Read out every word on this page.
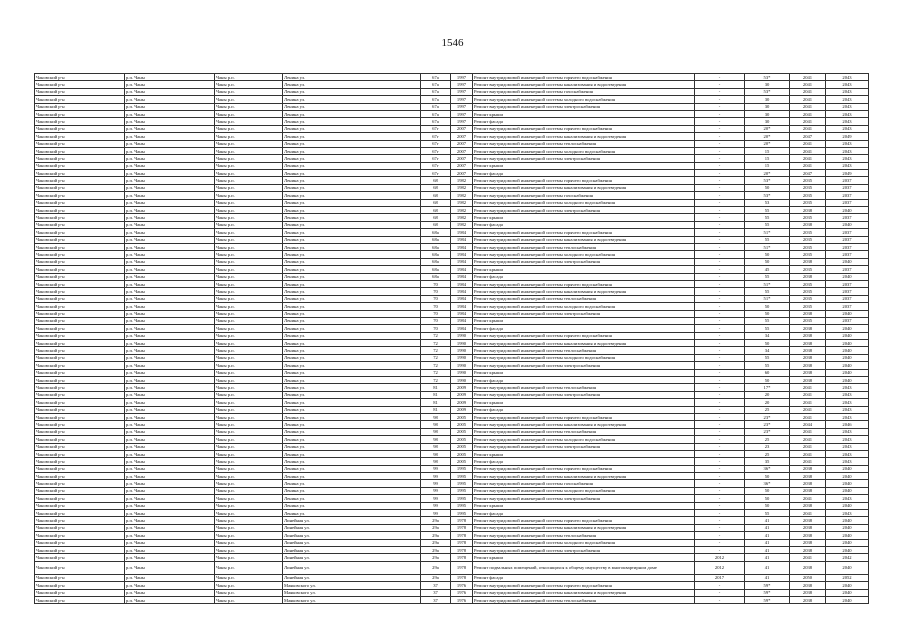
1546
Чановский р-н	р.п. Чаны	Чаны р.п.	Ленина ул.	67а	1997	Ремонт внутридомовой инженерной системы горячего водоснабжения	-	53*	2041	2043
Чановский р-н	р.п. Чаны	Чаны р.п.	Ленина ул.	67а	1997	Ремонт внутридомовой инженерной системы канализования и водоотведения	-	30	2041	2043
Чановский р-н	р.п. Чаны	Чаны р.п.	Ленина ул.	67а	1997	Ремонт внутридомовой инженерной системы газоснабжения	-	53*	2041	2043
Чановский р-н	р.п. Чаны	Чаны р.п.	Ленина ул.	67а	1997	Ремонт внутридомовой инженерной системы холодного водоснабжения	-	30	2041	2043
Чановский р-н	р.п. Чаны	Чаны р.п.	Ленина ул.	67а	1997	Ремонт внутридомовой инженерной системы электроснабжения	-	30	2041	2043
Чановский р-н	р.п. Чаны	Чаны р.п.	Ленина ул.	67а	1997	Ремонт крыши	-	30	2041	2043
Чановский р-н	р.п. Чаны	Чаны р.п.	Ленина ул.	67а	1997	Ремонт фасада	-	30	2041	2043
Чановский р-н	р.п. Чаны	Чаны р.п.	Ленина ул.	67г	2007	Ремонт внутридомовой инженерной системы горячего водоснабжения	-	20*	2041	2043
Чановский р-н	р.п. Чаны	Чаны р.п.	Ленина ул.	67г	2007	Ремонт внутридомовой инженерной системы канализования и водоотведения	-	20*	2047	2049
Чановский р-н	р.п. Чаны	Чаны р.п.	Ленина ул.	67г	2007	Ремонт внутридомовой инженерной системы теплоснабжения	-	20*	2041	2043
Чановский р-н	р.п. Чаны	Чаны р.п.	Ленина ул.	67г	2007	Ремонт внутридомовой инженерной системы холодного водоснабжения	-	15	2041	2043
Чановский р-н	р.п. Чаны	Чаны р.п.	Ленина ул.	67г	2007	Ремонт внутридомовой инженерной системы электроснабжения	-	15	2041	2043
Чановский р-н	р.п. Чаны	Чаны р.п.	Ленина ул.	67г	2007	Ремонт крыши	-	15	2041	2043
Чановский р-н	р.п. Чаны	Чаны р.п.	Ленина ул.	67г	2007	Ремонт фасада	-	20*	2047	2049
Чановский р-н	р.п. Чаны	Чаны р.п.	Ленина ул.	68	1982	Ремонт внутридомовой инженерной системы горячего водоснабжения	-	53*	2035	2037
Чановский р-н	р.п. Чаны	Чаны р.п.	Ленина ул.	68	1982	Ремонт внутридомовой инженерной системы канализования и водоотведения	-	50	2035	2037
Чановский р-н	р.п. Чаны	Чаны р.п.	Ленина ул.	68	1982	Ремонт внутридомовой инженерной системы газоснабжения	-	53*	2035	2037
Чановский р-н	р.п. Чаны	Чаны р.п.	Ленина ул.	68	1982	Ремонт внутридомовой инженерной системы холодного водоснабжения	-	53	2035	2037
Чановский р-н	р.п. Чаны	Чаны р.п.	Ленина ул.	68	1982	Ремонт внутридомовой инженерной системы электроснабжения	-	55	2038	2040
Чановский р-н	р.п. Чаны	Чаны р.п.	Ленина ул.	68	1982	Ремонт крыши	-	55	2035	2037
Чановский р-н	р.п. Чаны	Чаны р.п.	Ленина ул.	68	1982	Ремонт фасада	-	55	2038	2040
Чановский р-н	р.п. Чаны	Чаны р.п.	Ленина ул.	68а	1984	Ремонт внутридомовой инженерной системы горячего водоснабжения	-	51*	2035	2037
Чановский р-н	р.п. Чаны	Чаны р.п.	Ленина ул.	68а	1984	Ремонт внутридомовой инженерной системы канализования и водоотведения	-	55	2035	2037
Чановский р-н	р.п. Чаны	Чаны р.п.	Ленина ул.	68а	1984	Ремонт внутридомовой инженерной системы теплоснабжения	-	51*	2035	2037
Чановский р-н	р.п. Чаны	Чаны р.п.	Ленина ул.	68а	1984	Ремонт внутридомовой инженерной системы холодного водоснабжения	-	50	2035	2037
Чановский р-н	р.п. Чаны	Чаны р.п.	Ленина ул.	68а	1984	Ремонт внутридомовой инженерной системы электроснабжения	-	50	2038	2040
Чановский р-н	р.п. Чаны	Чаны р.п.	Ленина ул.	68а	1984	Ремонт крыши	-	45	2035	2037
Чановский р-н	р.п. Чаны	Чаны р.п.	Ленина ул.	68а	1984	Ремонт фасада	-	55	2038	2040
Чановский р-н	р.п. Чаны	Чаны р.п.	Ленина ул.	70	1984	Ремонт внутридомовой инженерной системы горячего водоснабжения	-	51*	2035	2037
Чановский р-н	р.п. Чаны	Чаны р.п.	Ленина ул.	70	1984	Ремонт внутридомовой инженерной системы канализования и водоотведения	-	55	2035	2037
Чановский р-н	р.п. Чаны	Чаны р.п.	Ленина ул.	70	1984	Ремонт внутридомовой инженерной системы теплоснабжения	-	51*	2035	2037
Чановский р-н	р.п. Чаны	Чаны р.п.	Ленина ул.	70	1984	Ремонт внутридомовой инженерной системы холодного водоснабжения	-	50	2035	2037
Чановский р-н	р.п. Чаны	Чаны р.п.	Ленина ул.	70	1984	Ремонт внутридомовой инженерной системы электроснабжения	-	50	2038	2040
Чановский р-н	р.п. Чаны	Чаны р.п.	Ленина ул.	70	1984	Ремонт крыши	-	55	2035	2037
Чановский р-н	р.п. Чаны	Чаны р.п.	Ленина ул.	70	1984	Ремонт фасада	-	55	2038	2040
Чановский р-н	р.п. Чаны	Чаны р.п.	Ленина ул.	72	1990	Ремонт внутридомовой инженерной системы горячего водоснабжения	-	34	2038	2040
Чановский р-н	р.п. Чаны	Чаны р.п.	Ленина ул.	72	1990	Ремонт внутридомовой инженерной системы канализования и водоотведения	-	50	2038	2040
Чановский р-н	р.п. Чаны	Чаны р.п.	Ленина ул.	72	1990	Ремонт внутридомовой инженерной системы теплоснабжения	-	34	2038	2040
Чановский р-н	р.п. Чаны	Чаны р.п.	Ленина ул.	72	1990	Ремонт внутридомовой инженерной системы холодного водоснабжения	-	55	2038	2040
Чановский р-н	р.п. Чаны	Чаны р.п.	Ленина ул.	72	1990	Ремонт внутридомовой инженерной системы электроснабжения	-	55	2038	2040
Чановский р-н	р.п. Чаны	Чаны р.п.	Ленина ул.	72	1990	Ремонт крыши	-	60	2038	2040
Чановский р-н	р.п. Чаны	Чаны р.п.	Ленина ул.	72	1990	Ремонт фасада	-	50	2038	2040
Чановский р-н	р.п. Чаны	Чаны р.п.	Ленина ул.	81	2009	Ремонт внутридомовой инженерной системы теплоснабжения	-	17*	2041	2043
Чановский р-н	р.п. Чаны	Чаны р.п.	Ленина ул.	81	2009	Ремонт внутридомовой инженерной системы электроснабжения	-	20	2041	2043
Чановский р-н	р.п. Чаны	Чаны р.п.	Ленина ул.	81	2009	Ремонт крыши	-	20	2041	2043
Чановский р-н	р.п. Чаны	Чаны р.п.	Ленина ул.	81	2009	Ремонт фасада	-	25	2041	2043
Чановский р-н	р.п. Чаны	Чаны р.п.	Ленина ул.	98	2005	Ремонт внутридомовой инженерной системы горячего водоснабжения	-	23*	2041	2043
Чановский р-н	р.п. Чаны	Чаны р.п.	Ленина ул.	98	2005	Ремонт внутридомовой инженерной системы канализования и водоотведения	-	23*	2044	2046
Чановский р-н	р.п. Чаны	Чаны р.п.	Ленина ул.	98	2005	Ремонт внутридомовой инженерной системы теплоснабжения	-	23*	2041	2043
Чановский р-н	р.п. Чаны	Чаны р.п.	Ленина ул.	98	2005	Ремонт внутридомовой инженерной системы холодного водоснабжения	-	25	2041	2043
Чановский р-н	р.п. Чаны	Чаны р.п.	Ленина ул.	98	2005	Ремонт внутридомовой инженерной системы электроснабжения	-	23	2041	2043
Чановский р-н	р.п. Чаны	Чаны р.п.	Ленина ул.	98	2005	Ремонт крыши	-	25	2041	2043
Чановский р-н	р.п. Чаны	Чаны р.п.	Ленина ул.	98	2005	Ремонт фасада	-	35	2041	2043
Чановский р-н	р.п. Чаны	Чаны р.п.	Ленина ул.	99	1995	Ремонт внутридомовой инженерной системы горячего водоснабжения	-	36*	2038	2040
Чановский р-н	р.п. Чаны	Чаны р.п.	Ленина ул.	99	1995	Ремонт внутридомовой инженерной системы канализования и водоотведения	-	50	2038	2040
Чановский р-н	р.п. Чаны	Чаны р.п.	Ленина ул.	99	1995	Ремонт внутридомовой инженерной системы газоснабжения	-	36*	2038	2040
Чановский р-н	р.п. Чаны	Чаны р.п.	Ленина ул.	99	1995	Ремонт внутридомовой инженерной системы холодного водоснабжения	-	50	2038	2040
Чановский р-н	р.п. Чаны	Чаны р.п.	Ленина ул.	99	1995	Ремонт внутридомовой инженерной системы электроснабжения	-	50	2041	2043
Чановский р-н	р.п. Чаны	Чаны р.п.	Ленина ул.	99	1995	Ремонт крыши	-	50	2038	2040
Чановский р-н	р.п. Чаны	Чаны р.п.	Ленина ул.	99	1995	Ремонт фасада	-	55	2041	2043
Чановский р-н	р.п. Чаны	Чаны р.п.	Линейная ул.	29а	1978	Ремонт внутридомовой инженерной системы горячего водоснабжения	-	41	2038	2040
Чановский р-н	р.п. Чаны	Чаны р.п.	Линейная ул.	29а	1978	Ремонт внутридомовой инженерной системы канализования и водоотведения	-	41	2038	2040
Чановский р-н	р.п. Чаны	Чаны р.п.	Линейная ул.	29а	1978	Ремонт внутридомовой инженерной системы теплоснабжения	-	41	2038	2040
Чановский р-н	р.п. Чаны	Чаны р.п.	Линейная ул.	29а	1978	Ремонт внутридомовой инженерной системы холодного водоснабжения	-	41	2038	2040
Чановский р-н	р.п. Чаны	Чаны р.п.	Линейная ул.	29а	1978	Ремонт внутридомовой инженерной системы электроснабжения	-	41	2038	2040
Чановский р-н	р.п. Чаны	Чаны р.п.	Линейная ул.	29а	1978	Ремонт крыши	2012	41	2041	2042
Чановский р-н	р.п. Чаны	Чаны р.п.	Линейная ул.	29а	1978	Ремонт подвальных помещений, относящихся к общему имуществу в многоквартирном доме	2012	41	2038	2040
Чановский р-н	р.п. Чаны	Чаны р.п.	Линейная ул.	29а	1978	Ремонт фасада	2017	41	2050	2052
Чановский р-н	р.п. Чаны	Чаны р.п.	Маяковского ул.	37	1976	Ремонт внутридомовой инженерной системы горячего водоснабжения	-	59*	2038	2040
Чановский р-н	р.п. Чаны	Чаны р.п.	Маяковского ул.	37	1976	Ремонт внутридомовой инженерной системы канализования и водоотведения	-	59*	2038	2040
Чановский р-н	р.п. Чаны	Чаны р.п.	Маяковского ул.	37	1976	Ремонт внутридомовой инженерной системы теплоснабжения	-	59*	2038	2040
